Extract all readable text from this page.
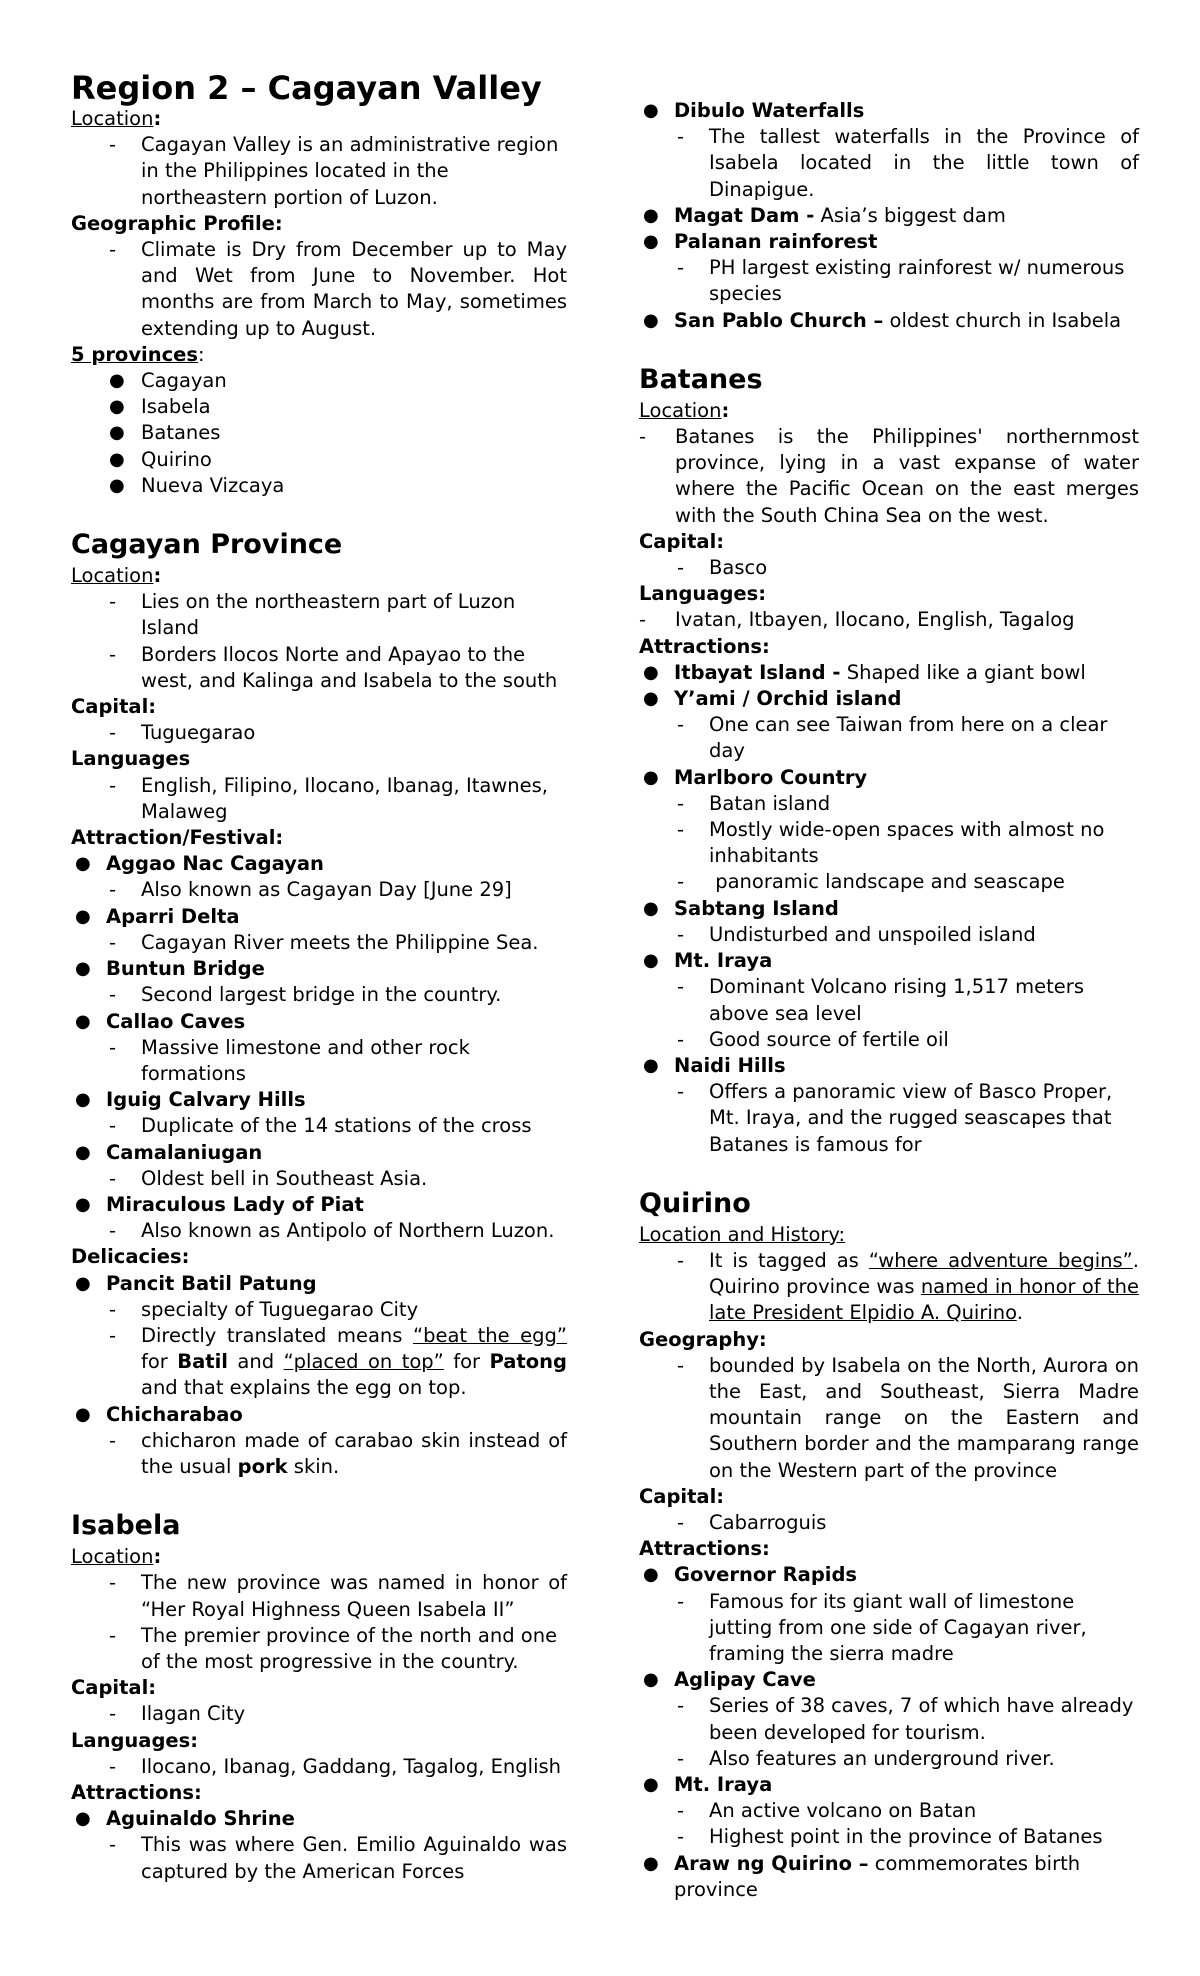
Region 2 – Cagayan Valley
Location:
- Cagayan Valley is an administrative region in the Philippines located in the northeastern portion of Luzon.
Geographic Profile:
- Climate is Dry from December up to May and Wet from June to November. Hot months are from March to May, sometimes extending up to August.
5 provinces:
● Cagayan
● Isabela
● Batanes
● Quirino
● Nueva Vizcaya
Cagayan Province
Location:
- Lies on the northeastern part of Luzon Island
- Borders Ilocos Norte and Apayao to the west, and Kalinga and Isabela to the south
Capital:
- Tuguegarao
Languages
- English, Filipino, Ilocano, Ibanag, Itawnes, Malaweg
Attraction/Festival:
● Aggao Nac Cagayan
- Also known as Cagayan Day [June 29]
● Aparri Delta
- Cagayan River meets the Philippine Sea.
● Buntun Bridge
- Second largest bridge in the country.
● Callao Caves
- Massive limestone and other rock formations
● Iguig Calvary Hills
- Duplicate of the 14 stations of the cross
● Camalaniugan
- Oldest bell in Southeast Asia.
● Miraculous Lady of Piat
- Also known as Antipolo of Northern Luzon.
Delicacies:
● Pancit Batil Patung
- specialty of Tuguegarao City
- Directly translated means “beat the egg” for Batil and “placed on top” for Patong and that explains the egg on top.
● Chicharabao
- chicharon made of carabao skin instead of the usual pork skin.
Isabela
Location:
- The new province was named in honor of “Her Royal Highness Queen Isabela II”
- The premier province of the north and one of the most progressive in the country.
Capital:
- Ilagan City
Languages:
- Ilocano, Ibanag, Gaddang, Tagalog, English
Attractions:
● Aguinaldo Shrine
- This was where Gen. Emilio Aguinaldo was captured by the American Forces
● Dibulo Waterfalls
- The tallest waterfalls in the Province of Isabela located in the little town of Dinapigue.
● Magat Dam - Asia’s biggest dam
● Palanan rainforest
- PH largest existing rainforest w/ numerous species
● San Pablo Church – oldest church in Isabela
Batanes
Location:
- Batanes is the Philippines' northernmost province, lying in a vast expanse of water where the Pacific Ocean on the east merges with the South China Sea on the west.
Capital:
- Basco
Languages:
- Ivatan, Itbayen, Ilocano, English, Tagalog
Attractions:
● Itbayat Island - Shaped like a giant bowl
● Y’ami / Orchid island
- One can see Taiwan from here on a clear day
● Marlboro Country
- Batan island
- Mostly wide-open spaces with almost no inhabitants
- panoramic landscape and seascape
● Sabtang Island
- Undisturbed and unspoiled island
● Mt. Iraya
- Dominant Volcano rising 1,517 meters above sea level
- Good source of fertile oil
● Naidi Hills
- Offers a panoramic view of Basco Proper, Mt. Iraya, and the rugged seascapes that Batanes is famous for
Quirino
Location and History:
- It is tagged as “where adventure begins”. Quirino province was named in honor of the late President Elpidio A. Quirino.
Geography:
- bounded by Isabela on the North, Aurora on the East, and Southeast, Sierra Madre mountain range on the Eastern and Southern border and the mamparang range on the Western part of the province
Capital:
- Cabarroguis
Attractions:
● Governor Rapids
- Famous for its giant wall of limestone jutting from one side of Cagayan river, framing the sierra madre
● Aglipay Cave
- Series of 38 caves, 7 of which have already been developed for tourism.
- Also features an underground river.
● Mt. Iraya
- An active volcano on Batan
- Highest point in the province of Batanes
● Araw ng Quirino – commemorates birth province
